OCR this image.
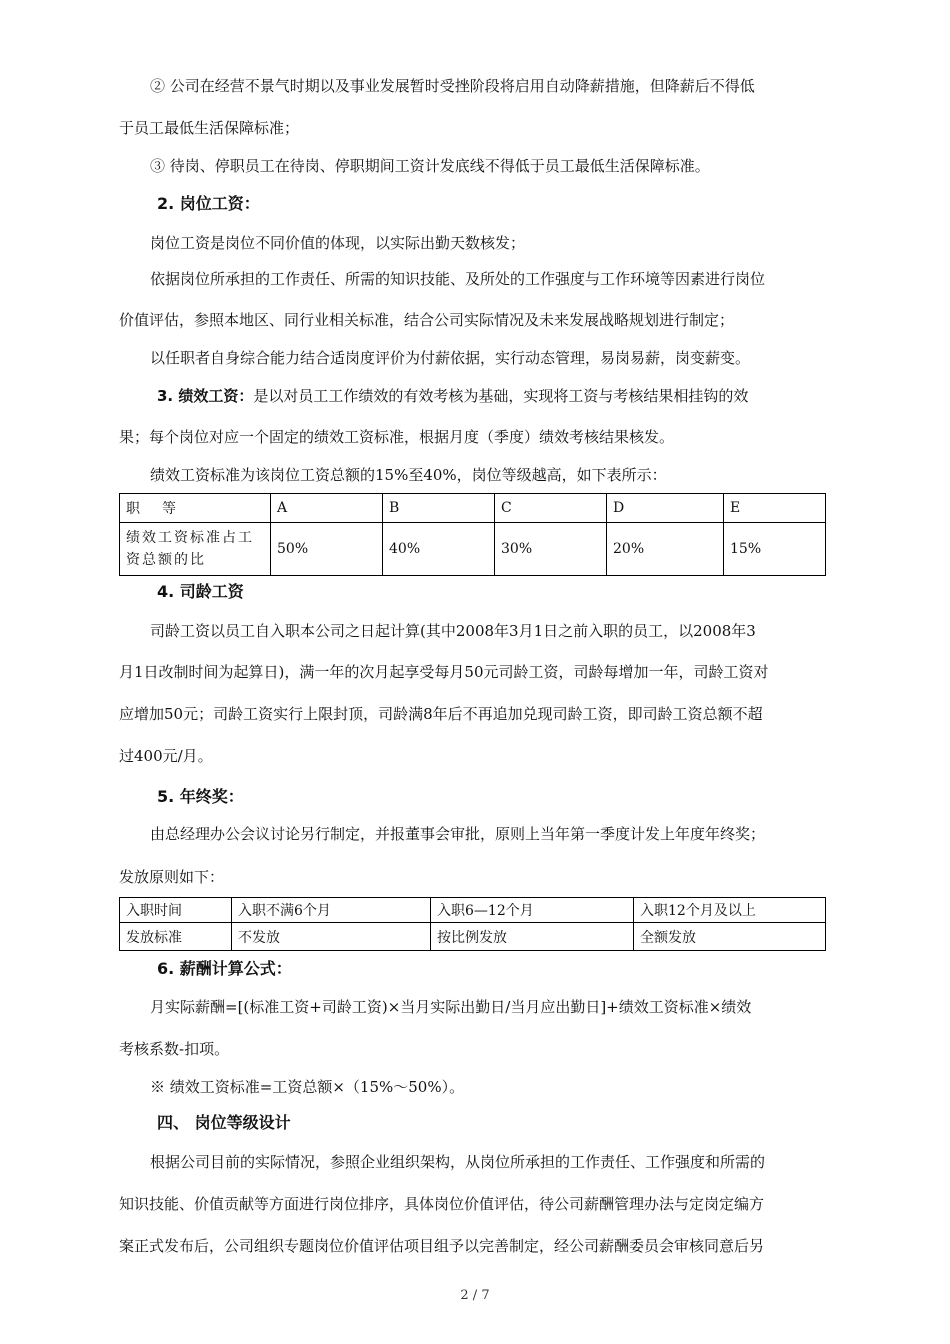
② 公司在经营不景气时期以及事业发展暂时受挫阶段将启用自动降薪措施，但降薪后不得低
于员工最低生活保障标准；
③ 待岗、停职员工在待岗、停职期间工资计发底线不得低于员工最低生活保障标准。
2. 岗位工资：
岗位工资是岗位不同价值的体现，以实际出勤天数核发；
依据岗位所承担的工作责任、所需的知识技能、及所处的工作强度与工作环境等因素进行岗位
价值评估，参照本地区、同行业相关标准，结合公司实际情况及未来发展战略规划进行制定；
以任职者自身综合能力结合适岗度评价为付薪依据，实行动态管理，易岗易薪，岗变薪变。
3. 绩效工资：是以对员工工作绩效的有效考核为基础，实现将工资与考核结果相挂钩的效
果；每个岗位对应一个固定的绩效工资标准，根据月度（季度）绩效考核结果核发。
绩效工资标准为该岗位工资总额的15%至40%，岗位等级越高，如下表所示：
职　等	A	B	C	D	E
绩效工资标准占工资总额的比	50%	40%	30%	20%	15%
4. 司龄工资
司龄工资以员工自入职本公司之日起计算(其中2008年3月1日之前入职的员工，以2008年3
月1日改制时间为起算日)，满一年的次月起享受每月50元司龄工资，司龄每增加一年，司龄工资对
应增加50元；司龄工资实行上限封顶，司龄满8年后不再追加兑现司龄工资，即司龄工资总额不超
过400元/月。
5. 年终奖：
由总经理办公会议讨论另行制定，并报董事会审批，原则上当年第一季度计发上年度年终奖；
发放原则如下：
入职时间	入职不满6个月	入职6—12个月	入职12个月及以上
发放标准	不发放	按比例发放	全额发放
6. 薪酬计算公式：
月实际薪酬=[(标准工资+司龄工资)×当月实际出勤日/当月应出勤日]+绩效工资标准×绩效
考核系数-扣项。
※ 绩效工资标准=工资总额×（15%～50%）。
四、 岗位等级设计
根据公司目前的实际情况，参照企业组织架构，从岗位所承担的工作责任、工作强度和所需的
知识技能、价值贡献等方面进行岗位排序，具体岗位价值评估，待公司薪酬管理办法与定岗定编方
案正式发布后，公司组织专题岗位价值评估项目组予以完善制定，经公司薪酬委员会审核同意后另
2 / 7
